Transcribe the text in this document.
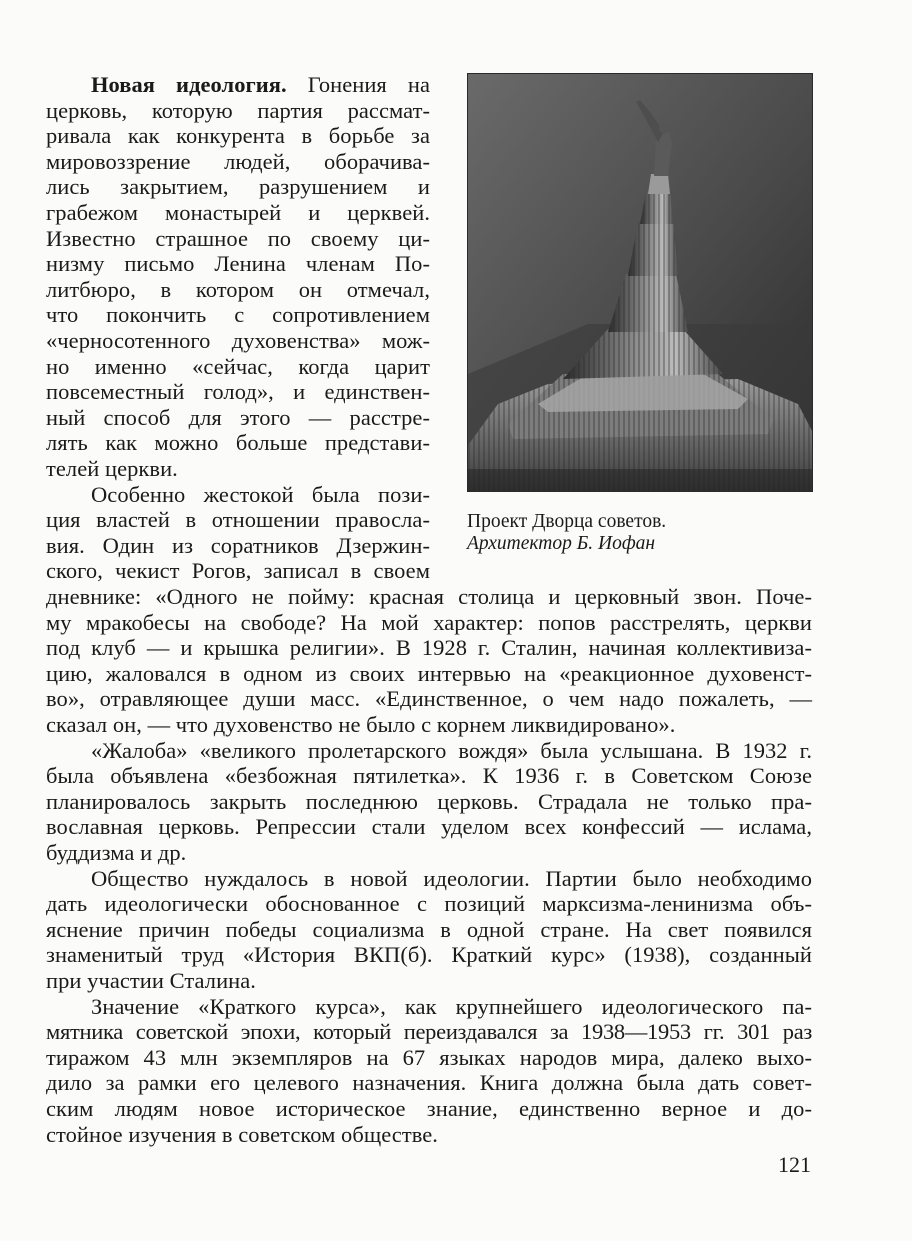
Новая идеология. Гонения на
церковь, которую партия рассмат-
ривала как конкурента в борьбе за
мировоззрение людей, оборачива-
лись закрытием, разрушением и
грабежом монастырей и церквей.
Известно страшное по своему ци-
низму письмо Ленина членам По-
литбюро, в котором он отмечал,
что покончить с сопротивлением
«черносотенного духовенства» мож-
но именно «сейчас, когда царит
повсеместный голод», и единствен-
ный способ для этого — расстре-
лять как можно больше представи-
телей церкви.
Особенно жестокой была пози-
ция властей в отношении правосла-
вия. Один из соратников Дзержин-
ского, чекист Рогов, записал в своем
Проект Дворца советов.
Архитектор Б. Иофан
дневнике: «Одного не пойму: красная столица и церковный звон. Поче-
му мракобесы на свободе? На мой характер: попов расстрелять, церкви
под клуб — и крышка религии». В 1928 г. Сталин, начиная коллективиза-
цию, жаловался в одном из своих интервью на «реакционное духовенст-
во», отравляющее души масс. «Единственное, о чем надо пожалеть, —
сказал он, — что духовенство не было с корнем ликвидировано».
«Жалоба» «великого пролетарского вождя» была услышана. В 1932 г.
была объявлена «безбожная пятилетка». К 1936 г. в Советском Союзе
планировалось закрыть последнюю церковь. Страдала не только пра-
вославная церковь. Репрессии стали уделом всех конфессий — ислама,
буддизма и др.
Общество нуждалось в новой идеологии. Партии было необходимо
дать идеологически обоснованное с позиций марксизма-ленинизма объ-
яснение причин победы социализма в одной стране. На свет появился
знаменитый труд «История ВКП(б). Краткий курс» (1938), созданный
при участии Сталина.
Значение «Краткого курса», как крупнейшего идеологического па-
мятника советской эпохи, который переиздавался за 1938—1953 гг. 301 раз
тиражом 43 млн экземпляров на 67 языках народов мира, далеко выхо-
дило за рамки его целевого назначения. Книга должна была дать совет-
ским людям новое историческое знание, единственно верное и до-
стойное изучения в советском обществе.
121
